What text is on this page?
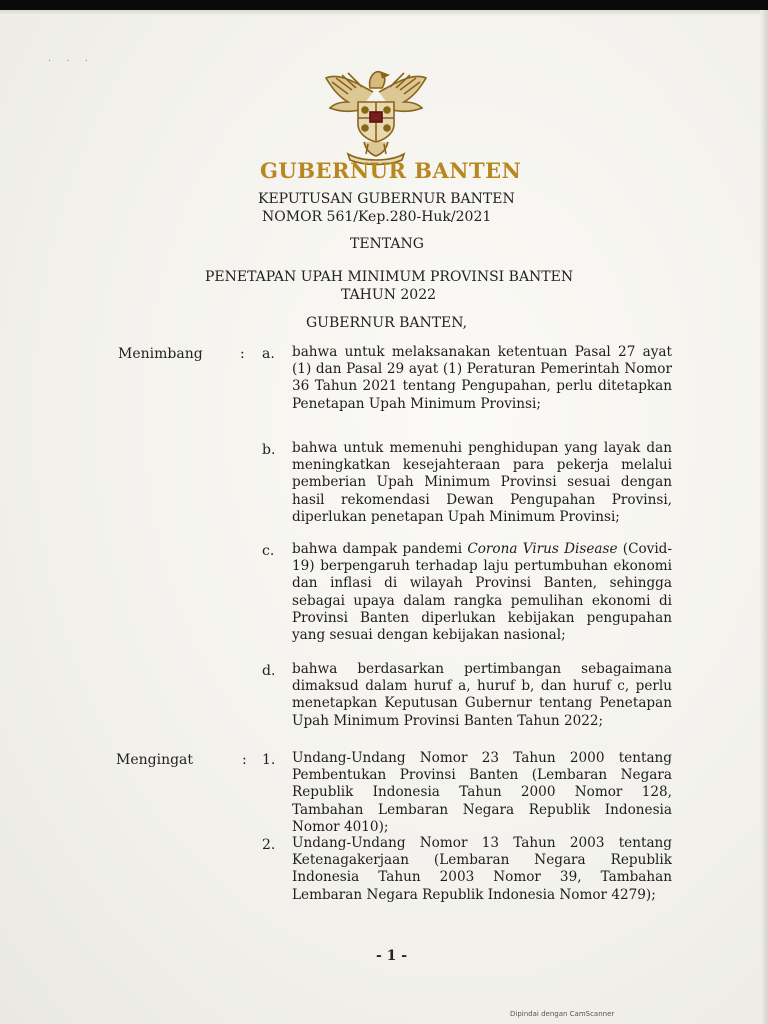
· · ·
GUBERNUR BANTEN
KEPUTUSAN GUBERNUR BANTEN
NOMOR 561/Kep.280-Huk/2021
TENTANG
PENETAPAN UPAH MINIMUM PROVINSI BANTEN
TAHUN 2022
GUBERNUR BANTEN,
Menimbang	: a. bahwa untuk melaksanakan ketentuan Pasal 27 ayat (1) dan Pasal 29 ayat (1) Peraturan Pemerintah Nomor 36 Tahun 2021 tentang Pengupahan, perlu ditetapkan Penetapan Upah Minimum Provinsi;
b. bahwa untuk memenuhi penghidupan yang layak dan meningkatkan kesejahteraan para pekerja melalui pemberian Upah Minimum Provinsi sesuai dengan hasil rekomendasi Dewan Pengupahan Provinsi, diperlukan penetapan Upah Minimum Provinsi;
c. bahwa dampak pandemi Corona Virus Disease (Covid-19) berpengaruh terhadap laju pertumbuhan ekonomi dan inflasi di wilayah Provinsi Banten, sehingga sebagai upaya dalam rangka pemulihan ekonomi di Provinsi Banten diperlukan kebijakan pengupahan yang sesuai dengan kebijakan nasional;
d. bahwa berdasarkan pertimbangan sebagaimana dimaksud dalam huruf a, huruf b, dan huruf c, perlu menetapkan Keputusan Gubernur tentang Penetapan Upah Minimum Provinsi Banten Tahun 2022;
Mengingat	: 1. Undang-Undang Nomor 23 Tahun 2000 tentang Pembentukan Provinsi Banten (Lembaran Negara Republik Indonesia Tahun 2000 Nomor 128, Tambahan Lembaran Negara Republik Indonesia Nomor 4010);
2. Undang-Undang Nomor 13 Tahun 2003 tentang Ketenagakerjaan (Lembaran Negara Republik Indonesia Tahun 2003 Nomor 39, Tambahan Lembaran Negara Republik Indonesia Nomor 4279);
- 1 -
Dipindai dengan CamScanner
